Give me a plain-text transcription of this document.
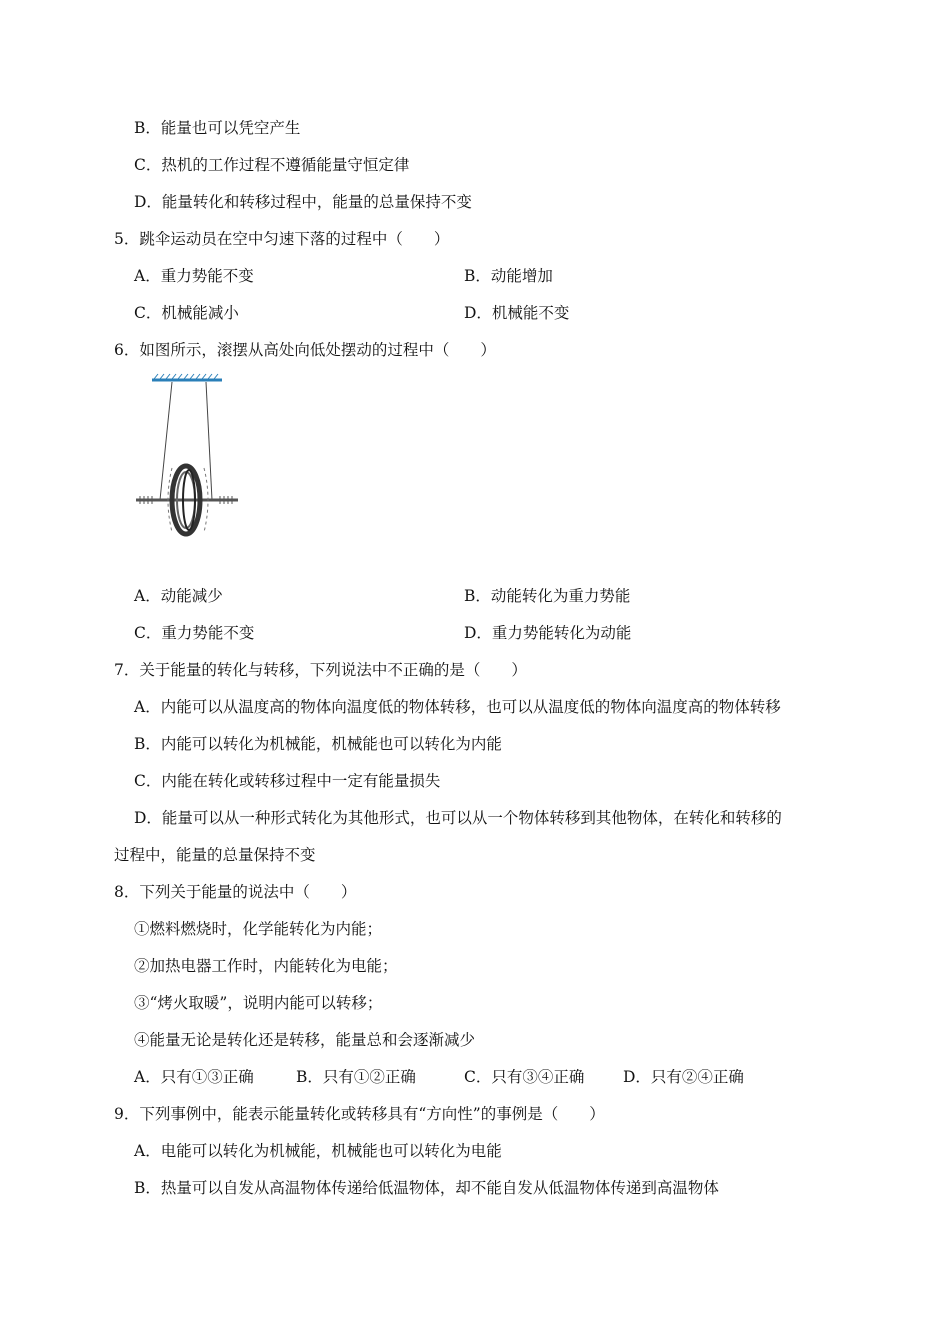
B．能量也可以凭空产生
C．热机的工作过程不遵循能量守恒定律
D．能量转化和转移过程中，能量的总量保持不变
5．跳伞运动员在空中匀速下落的过程中（　　）
A．重力势能不变	B．动能增加
C．机械能减小	D．机械能不变
6．如图所示，滚摆从高处向低处摆动的过程中（　　）
A．动能减少	B．动能转化为重力势能
C．重力势能不变	D．重力势能转化为动能
7．关于能量的转化与转移，下列说法中不正确的是（　　）
A．内能可以从温度高的物体向温度低的物体转移，也可以从温度低的物体向温度高的物体转移
B．内能可以转化为机械能，机械能也可以转化为内能
C．内能在转化或转移过程中一定有能量损失
D．能量可以从一种形式转化为其他形式，也可以从一个物体转移到其他物体，在转化和转移的
过程中，能量的总量保持不变
8．下列关于能量的说法中（　　）
①燃料燃烧时，化学能转化为内能；
②加热电器工作时，内能转化为电能；
③“烤火取暖”，说明内能可以转移；
④能量无论是转化还是转移，能量总和会逐渐减少
A．只有①③正确	B．只有①②正确	C．只有③④正确 D．只有②④正确
9．下列事例中，能表示能量转化或转移具有“方向性”的事例是（　　）
A．电能可以转化为机械能，机械能也可以转化为电能
B．热量可以自发从高温物体传递给低温物体，却不能自发从低温物体传递到高温物体
